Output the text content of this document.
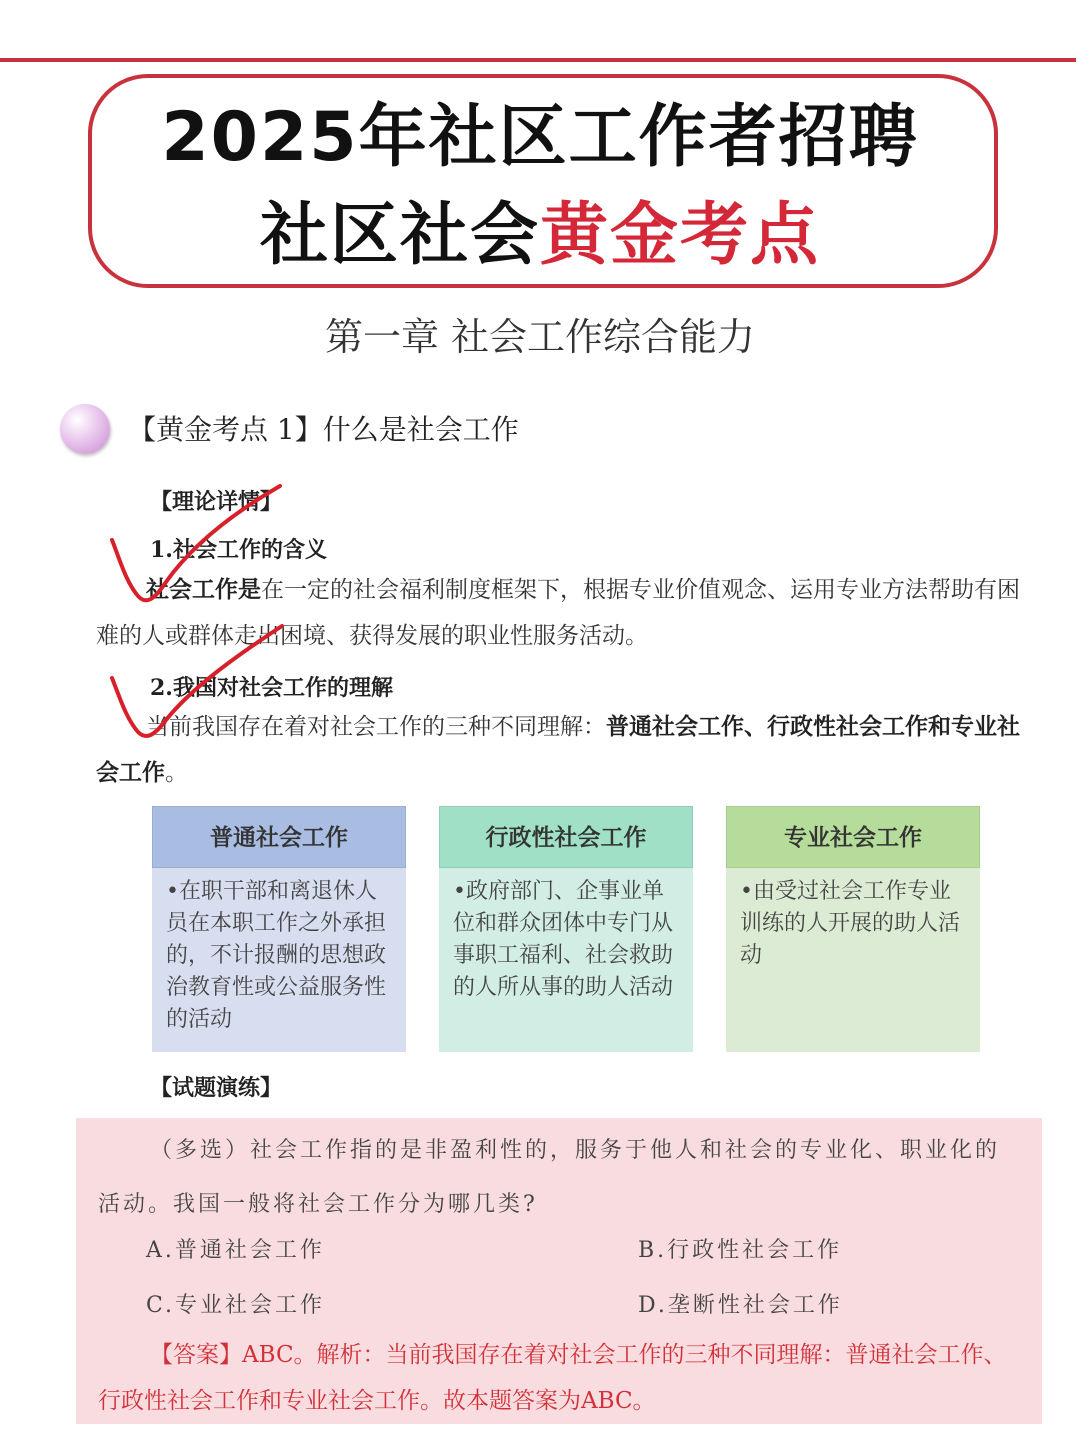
2025年社区工作者招聘
社区社会黄金考点
第一章 社会工作综合能力
【黄金考点 1】什么是社会工作
【理论详情】
1.社会工作的含义
社会工作是在一定的社会福利制度框架下，根据专业价值观念、运用专业方法帮助有困难的人或群体走出困境、获得发展的职业性服务活动。
2.我国对社会工作的理解
当前我国存在着对社会工作的三种不同理解：普通社会工作、行政性社会工作和专业社会工作。
普通社会工作
•在职干部和离退休人员在本职工作之外承担的，不计报酬的思想政治教育性或公益服务性的活动
行政性社会工作
•政府部门、企事业单位和群众团体中专门从事职工福利、社会救助的人所从事的助人活动
专业社会工作
•由受过社会工作专业训练的人开展的助人活动
【试题演练】
（多选）社会工作指的是非盈利性的，服务于他人和社会的专业化、职业化的活动。我国一般将社会工作分为哪几类?
A.普通社会工作	B.行政性社会工作
C.专业社会工作	D.垄断性社会工作
【答案】ABC。解析：当前我国存在着对社会工作的三种不同理解：普通社会工作、行政性社会工作和专业社会工作。故本题答案为ABC。
